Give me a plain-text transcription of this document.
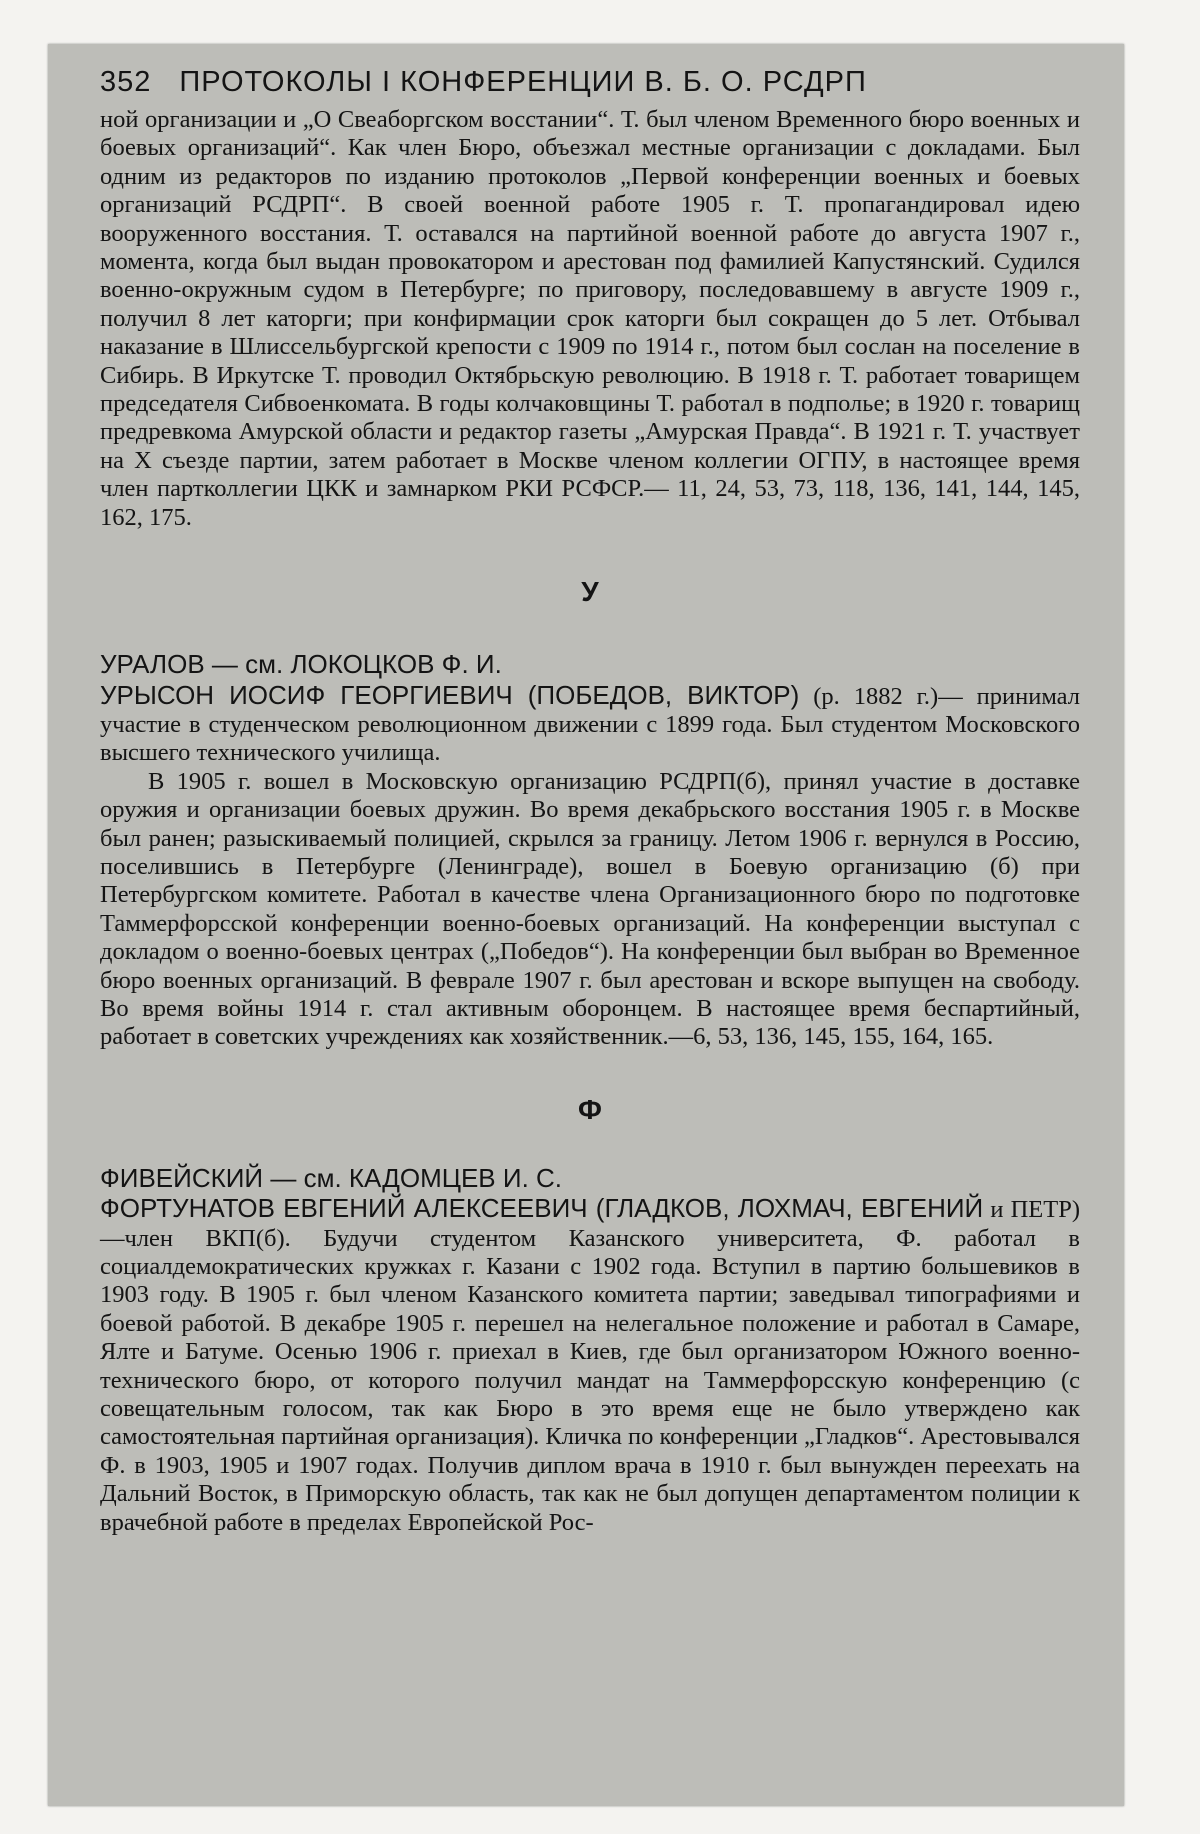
352 ПРОТОКОЛЫ I КОНФЕРЕНЦИИ В. Б. О. РСДРП

ной организации и „О Свеаборгском восстании“. Т. был членом Временного бюро военных и боевых организаций“. Как член Бюро, объезжал местные организации с докладами. Был одним из редакторов по изданию протоколов „Первой конференции военных и боевых организаций РСДРП“. В своей военной работе 1905 г. Т. пропагандировал идею вооруженного восстания. Т. оставался на партийной военной работе до августа 1907 г., момента, когда был выдан провокатором и арестован под фамилией Капустянский. Судился военно-окружным судом в Петербурге; по приговору, последовавшему в августе 1909 г., получил 8 лет каторги; при конфирмации срок каторги был сокращен до 5 лет. Отбывал наказание в Шлиссельбургской крепости с 1909 по 1914 г., потом был сослан на поселение в Сибирь. В Иркутске Т. проводил Октябрьскую революцию. В 1918 г. Т. работает товарищем председателя Сибвоенкомата. В годы колчаковщины Т. работал в подполье; в 1920 г. товарищ предревкома Амурской области и редактор газеты „Амурская Правда“. В 1921 г. Т. участвует на X съезде партии, затем работает в Москве членом коллегии ОГПУ, в настоящее время член партколлегии ЦКК и замнарком РКИ РСФСР.— 11, 24, 53, 73, 118, 136, 141, 144, 145, 162, 175.

У

УРАЛОВ — см. ЛОКОЦКОВ Ф. И.

УРЫСОН ИОСИФ ГЕОРГИЕВИЧ (ПОБЕДОВ, ВИКТОР) (р. 1882 г.)— принимал участие в студенческом революционном движении с 1899 года. Был студентом Московского высшего технического училища.

В 1905 г. вошел в Московскую организацию РСДРП(б), принял участие в доставке оружия и организации боевых дружин. Во время декабрьского восстания 1905 г. в Москве был ранен; разыскиваемый полицией, скрылся за границу. Летом 1906 г. вернулся в Россию, поселившись в Петербурге (Ленинграде), вошел в Боевую организацию (б) при Петербургском комитете. Работал в качестве члена Организационного бюро по подготовке Таммерфорсской конференции военно-боевых организаций. На конференции выступал с докладом о военно-боевых центрах („Победов“). На конференции был выбран во Временное бюро военных организаций. В феврале 1907 г. был арестован и вскоре выпущен на свободу. Во время войны 1914 г. стал активным оборонцем. В настоящее время беспартийный, работает в советских учреждениях как хозяйственник.—6, 53, 136, 145, 155, 164, 165.

Ф

ФИВЕЙСКИЙ — см. КАДОМЦЕВ И. С.

ФОРТУНАТОВ ЕВГЕНИЙ АЛЕКСЕЕВИЧ (ГЛАДКОВ, ЛОХМАЧ, ЕВГЕНИЙ и ПЕТР)—член ВКП(б). Будучи студентом Казанского университета, Ф. работал в социалдемократических кружках г. Казани с 1902 года. Вступил в партию большевиков в 1903 году. В 1905 г. был членом Казанского комитета партии; заведывал типографиями и боевой работой. В декабре 1905 г. перешел на нелегальное положение и работал в Самаре, Ялте и Батуме. Осенью 1906 г. приехал в Киев, где был организатором Южного военно-технического бюро, от которого получил мандат на Таммерфорсскую конференцию (с совещательным голосом, так как Бюро в это время еще не было утверждено как самостоятельная партийная организация). Кличка по конференции „Гладков“. Арестовывался Ф. в 1903, 1905 и 1907 годах. Получив диплом врача в 1910 г. был вынужден переехать на Дальний Восток, в Приморскую область, так как не был допущен департаментом полиции к врачебной работе в пределах Европейской Рос-
